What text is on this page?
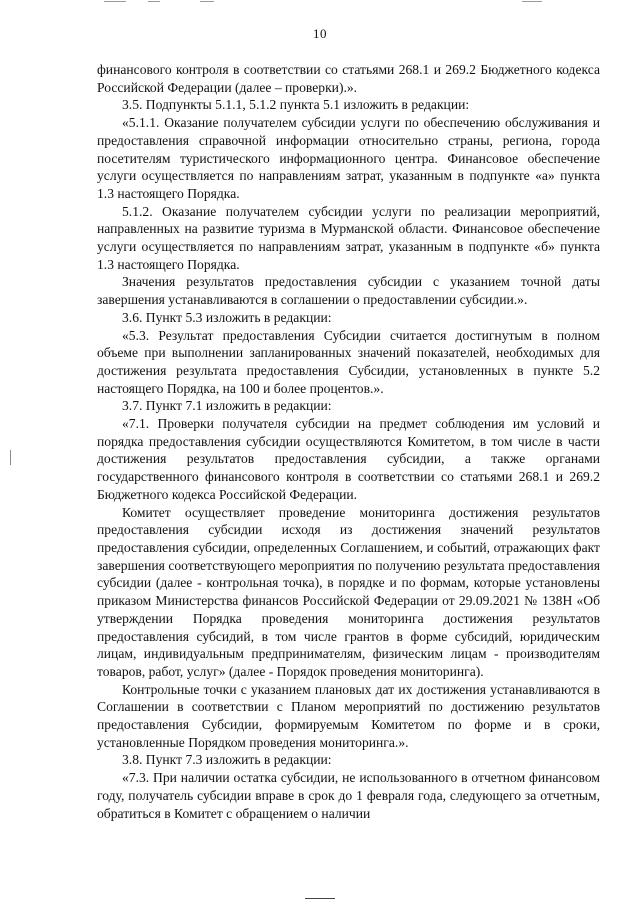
10

финансового контроля в соответствии со статьями 268.1 и 269.2 Бюджетного кодекса Российской Федерации (далее – проверки).».

3.5. Подпункты 5.1.1, 5.1.2 пункта 5.1 изложить в редакции:

«5.1.1. Оказание получателем субсидии услуги по обеспечению обслуживания и предоставления справочной информации относительно страны, региона, города посетителям туристического информационного центра. Финансовое обеспечение услуги осуществляется по направлениям затрат, указанным в подпункте «а» пункта 1.3 настоящего Порядка.

5.1.2. Оказание получателем субсидии услуги по реализации мероприятий, направленных на развитие туризма в Мурманской области. Финансовое обеспечение услуги осуществляется по направлениям затрат, указанным в подпункте «б» пункта 1.3 настоящего Порядка.

Значения результатов предоставления субсидии с указанием точной даты завершения устанавливаются в соглашении о предоставлении субсидии.».

3.6. Пункт 5.3 изложить в редакции:

«5.3. Результат предоставления Субсидии считается достигнутым в полном объеме при выполнении запланированных значений показателей, необходимых для достижения результата предоставления Субсидии, установленных в пункте 5.2 настоящего Порядка, на 100 и более процентов.».

3.7. Пункт 7.1 изложить в редакции:

«7.1. Проверки получателя субсидии на предмет соблюдения им условий и порядка предоставления субсидии осуществляются Комитетом, в том числе в части достижения результатов предоставления субсидии, а также органами государственного финансового контроля в соответствии со статьями 268.1 и 269.2 Бюджетного кодекса Российской Федерации.

Комитет осуществляет проведение мониторинга достижения результатов предоставления субсидии исходя из достижения значений результатов предоставления субсидии, определенных Соглашением, и событий, отражающих факт завершения соответствующего мероприятия по получению результата предоставления субсидии (далее - контрольная точка), в порядке и по формам, которые установлены приказом Министерства финансов Российской Федерации от 29.09.2021 № 138Н «Об утверждении Порядка проведения мониторинга достижения результатов предоставления субсидий, в том числе грантов в форме субсидий, юридическим лицам, индивидуальным предпринимателям, физическим лицам - производителям товаров, работ, услуг» (далее - Порядок проведения мониторинга).

Контрольные точки с указанием плановых дат их достижения устанавливаются в Соглашении в соответствии с Планом мероприятий по достижению результатов предоставления Субсидии, формируемым Комитетом по форме и в сроки, установленные Порядком проведения мониторинга.».

3.8. Пункт 7.3 изложить в редакции:

«7.3. При наличии остатка субсидии, не использованного в отчетном финансовом году, получатель субсидии вправе в срок до 1 февраля года, следующего за отчетным, обратиться в Комитет с обращением о наличии
